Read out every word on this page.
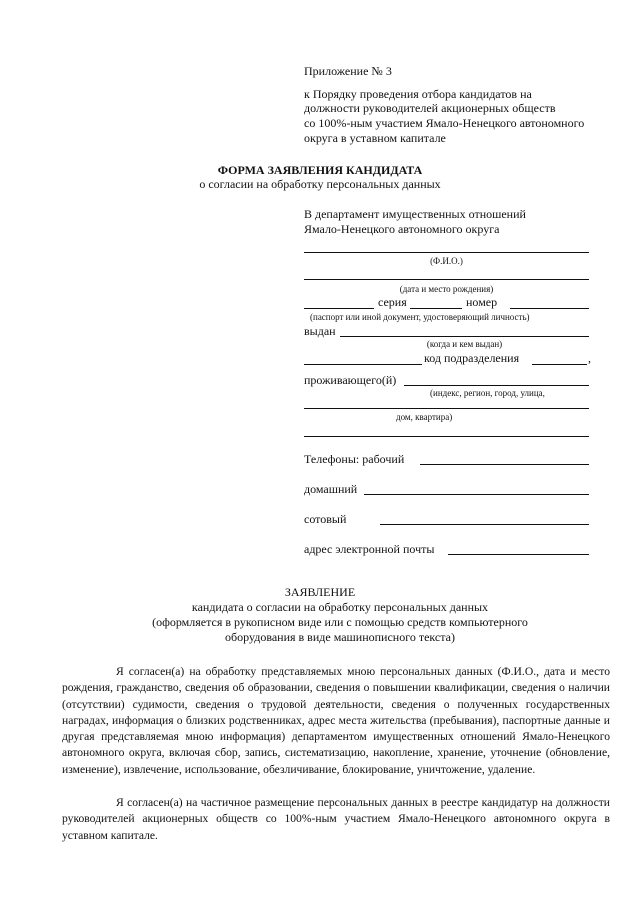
Приложение № 3
к Порядку проведения отбора кандидатов на
должности руководителей акционерных обществ
со 100%-ным участием Ямало-Ненецкого автономного
округа в уставном капитале
ФОРМА ЗАЯВЛЕНИЯ КАНДИДАТА
о согласии на обработку персональных данных
В департамент имущественных отношений
Ямало-Ненецкого автономного округа
(Ф.И.О.)
(дата и место рождения)
серия	номер
(паспорт или иной документ, удостоверяющий личность)
выдан
(когда и кем выдан)
код подразделения	,
проживающего(й)
(индекс, регион, город, улица,
дом, квартира)
Телефоны: рабочий
домашний
сотовый
адрес электронной почты
ЗАЯВЛЕНИЕ
кандидата о согласии на обработку персональных данных
(оформляется в рукописном виде или с помощью средств компьютерного
оборудования в виде машинописного текста)
Я согласен(а) на обработку представляемых мною персональных данных (Ф.И.О., дата и место рождения, гражданство, сведения об образовании, сведения о повышении квалификации, сведения о наличии (отсутствии) судимости, сведения о трудовой деятельности, сведения о полученных государственных наградах, информация о близких родственниках, адрес места жительства (пребывания), паспортные данные и другая представляемая мною информация) департаментом имущественных отношений Ямало-Ненецкого автономного округа, включая сбор, запись, систематизацию, накопление, хранение, уточнение (обновление, изменение), извлечение, использование, обезличивание, блокирование, уничтожение, удаление.
Я согласен(а) на частичное размещение персональных данных в реестре кандидатур на должности руководителей акционерных обществ со 100%-ным участием Ямало-Ненецкого автономного округа в уставном капитале.
